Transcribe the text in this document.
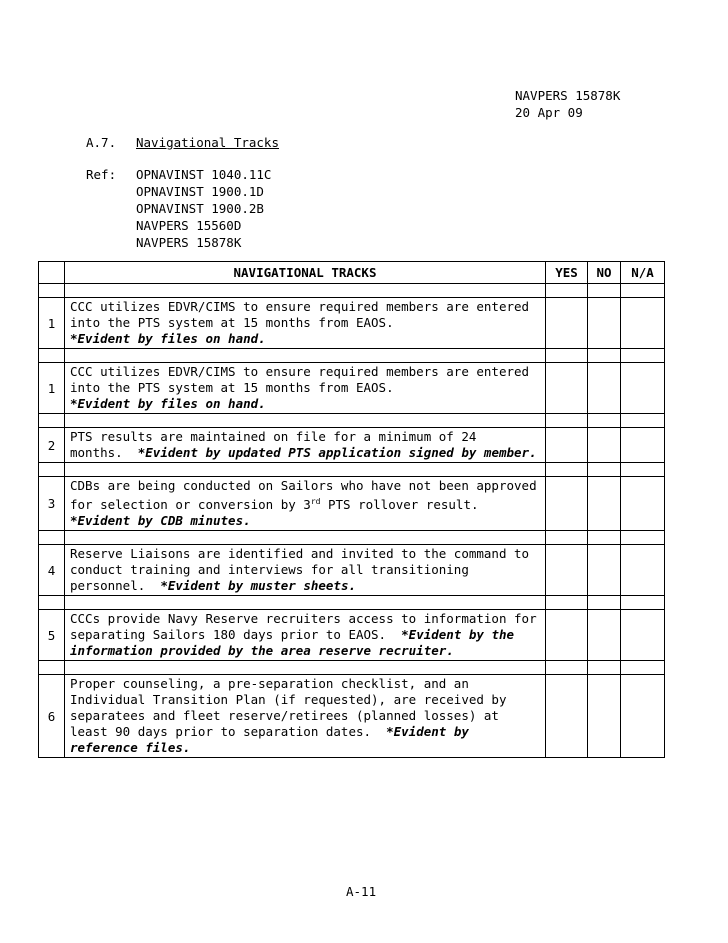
NAVPERS 15878K
20 Apr 09
A.7. Navigational Tracks
Ref: OPNAVINST 1040.11C
OPNAVINST 1900.1D
OPNAVINST 1900.2B
NAVPERS 15560D
NAVPERS 15878K
	NAVIGATIONAL TRACKS	YES	NO	N/A

1	CCC utilizes EDVR/CIMS to ensure required members are entered into the PTS system at 15 months from EAOS.
*Evident by files on hand.			

1	CCC utilizes EDVR/CIMS to ensure required members are entered into the PTS system at 15 months from EAOS.
*Evident by files on hand.			

2	PTS results are maintained on file for a minimum of 24 months. *Evident by updated PTS application signed by member.			

3	CDBs are being conducted on Sailors who have not been approved for selection or conversion by 3rd PTS rollover result. *Evident by CDB minutes.			

4	Reserve Liaisons are identified and invited to the command to conduct training and interviews for all transitioning personnel. *Evident by muster sheets.			

5	CCCs provide Navy Reserve recruiters access to information for separating Sailors 180 days prior to EAOS. *Evident by the information provided by the area reserve recruiter.			

6	Proper counseling, a pre-separation checklist, and an Individual Transition Plan (if requested), are received by separatees and fleet reserve/retirees (planned losses) at least 90 days prior to separation dates. *Evident by reference files.			
A-11
